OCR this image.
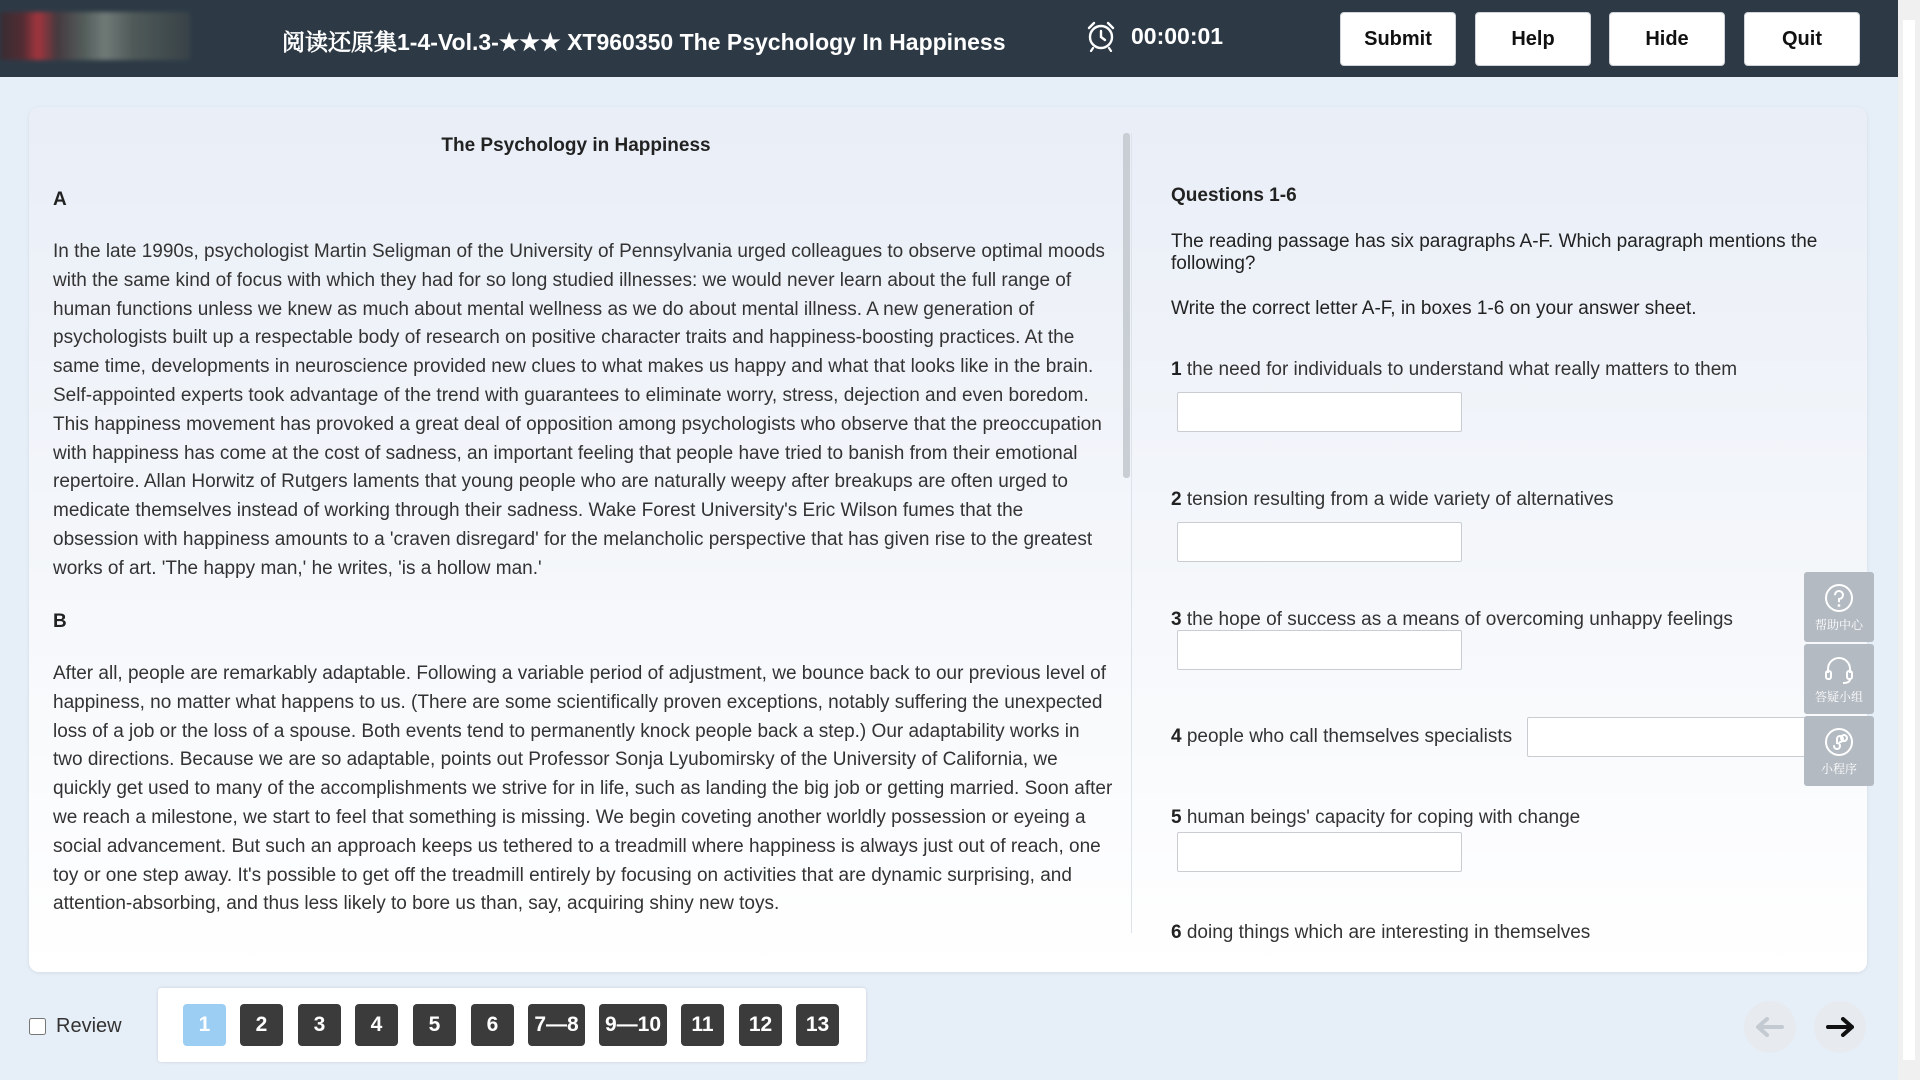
阅读还原集1-4-Vol.3-★★★ XT960350 The Psychology In Happiness	00:00:01	Submit	Help	Hide	Quit
The Psychology in Happiness
A
In the late 1990s, psychologist Martin Seligman of the University of Pennsylvania urged colleagues to observe optimal moods with the same kind of focus with which they had for so long studied illnesses: we would never learn about the full range of human functions unless we knew as much about mental wellness as we do about mental illness. A new generation of psychologists built up a respectable body of research on positive character traits and happiness-boosting practices. At the same time, developments in neuroscience provided new clues to what makes us happy and what that looks like in the brain. Self-appointed experts took advantage of the trend with guarantees to eliminate worry, stress, dejection and even boredom. This happiness movement has provoked a great deal of opposition among psychologists who observe that the preoccupation with happiness has come at the cost of sadness, an important feeling that people have tried to banish from their emotional repertoire. Allan Horwitz of Rutgers laments that young people who are naturally weepy after breakups are often urged to medicate themselves instead of working through their sadness. Wake Forest University's Eric Wilson fumes that the obsession with happiness amounts to a 'craven disregard' for the melancholic perspective that has given rise to the greatest works of art. 'The happy man,' he writes, 'is a hollow man.'
B
After all, people are remarkably adaptable. Following a variable period of adjustment, we bounce back to our previous level of happiness, no matter what happens to us. (There are some scientifically proven exceptions, notably suffering the unexpected loss of a job or the loss of a spouse. Both events tend to permanently knock people back a step.) Our adaptability works in two directions. Because we are so adaptable, points out Professor Sonja Lyubomirsky of the University of California, we quickly get used to many of the accomplishments we strive for in life, such as landing the big job or getting married. Soon after we reach a milestone, we start to feel that something is missing. We begin coveting another worldly possession or eyeing a social advancement. But such an approach keeps us tethered to a treadmill where happiness is always just out of reach, one toy or one step away. It's possible to get off the treadmill entirely by focusing on activities that are dynamic surprising, and attention-absorbing, and thus less likely to bore us than, say, acquiring shiny new toys.
Questions 1-6
The reading passage has six paragraphs A-F. Which paragraph mentions the following?
Write the correct letter A-F, in boxes 1-6 on your answer sheet.
1 the need for individuals to understand what really matters to them
2 tension resulting from a wide variety of alternatives
3 the hope of success as a means of overcoming unhappy feelings
4 people who call themselves specialists
5 human beings' capacity for coping with change
6 doing things which are interesting in themselves
帮助中心
答疑小组
小程序
Review	1	2	3	4	5	6	7—8	9—10	11	12	13
